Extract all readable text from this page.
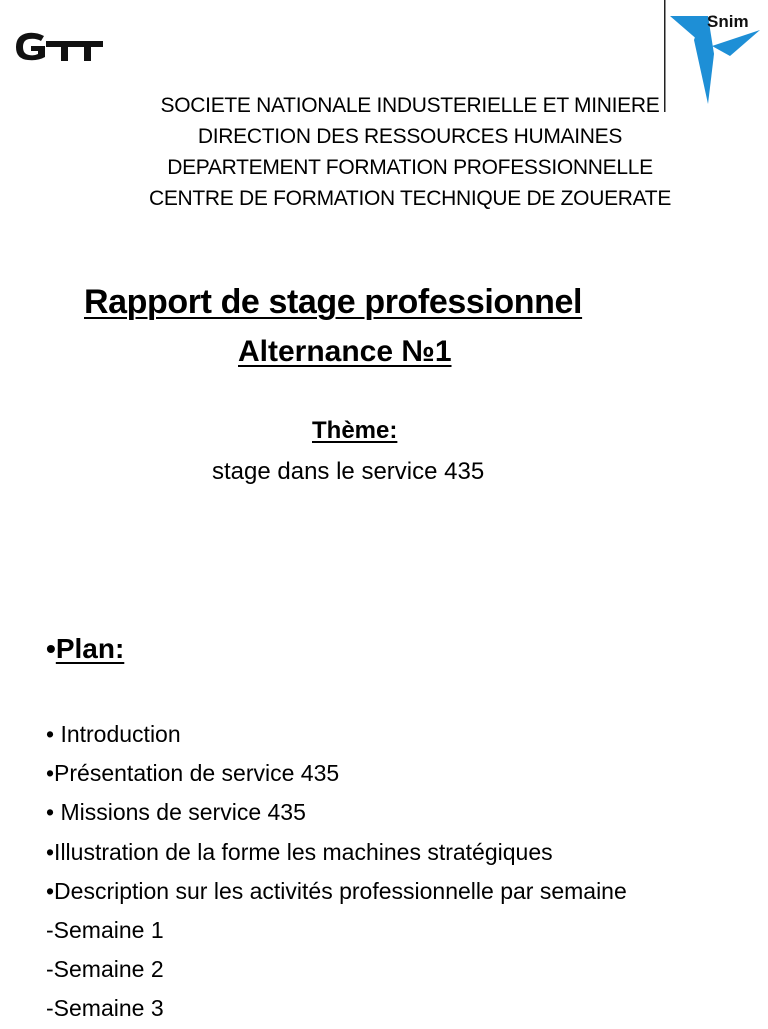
Snim
SOCIETE NATIONALE INDUSTERIELLE ET MINIERE
DIRECTION DES RESSOURCES HUMAINES
DEPARTEMENT FORMATION PROFESSIONNELLE
CENTRE DE FORMATION TECHNIQUE DE ZOUERATE
Rapport de stage professionnel
Alternance №1
Thème:
stage dans le service 435
•Plan:
• Introduction
•Présentation de service 435
• Missions de service 435
•Illustration de la forme les machines stratégiques
•Description sur les activités professionnelle par semaine
-Semaine 1
-Semaine 2
-Semaine 3
